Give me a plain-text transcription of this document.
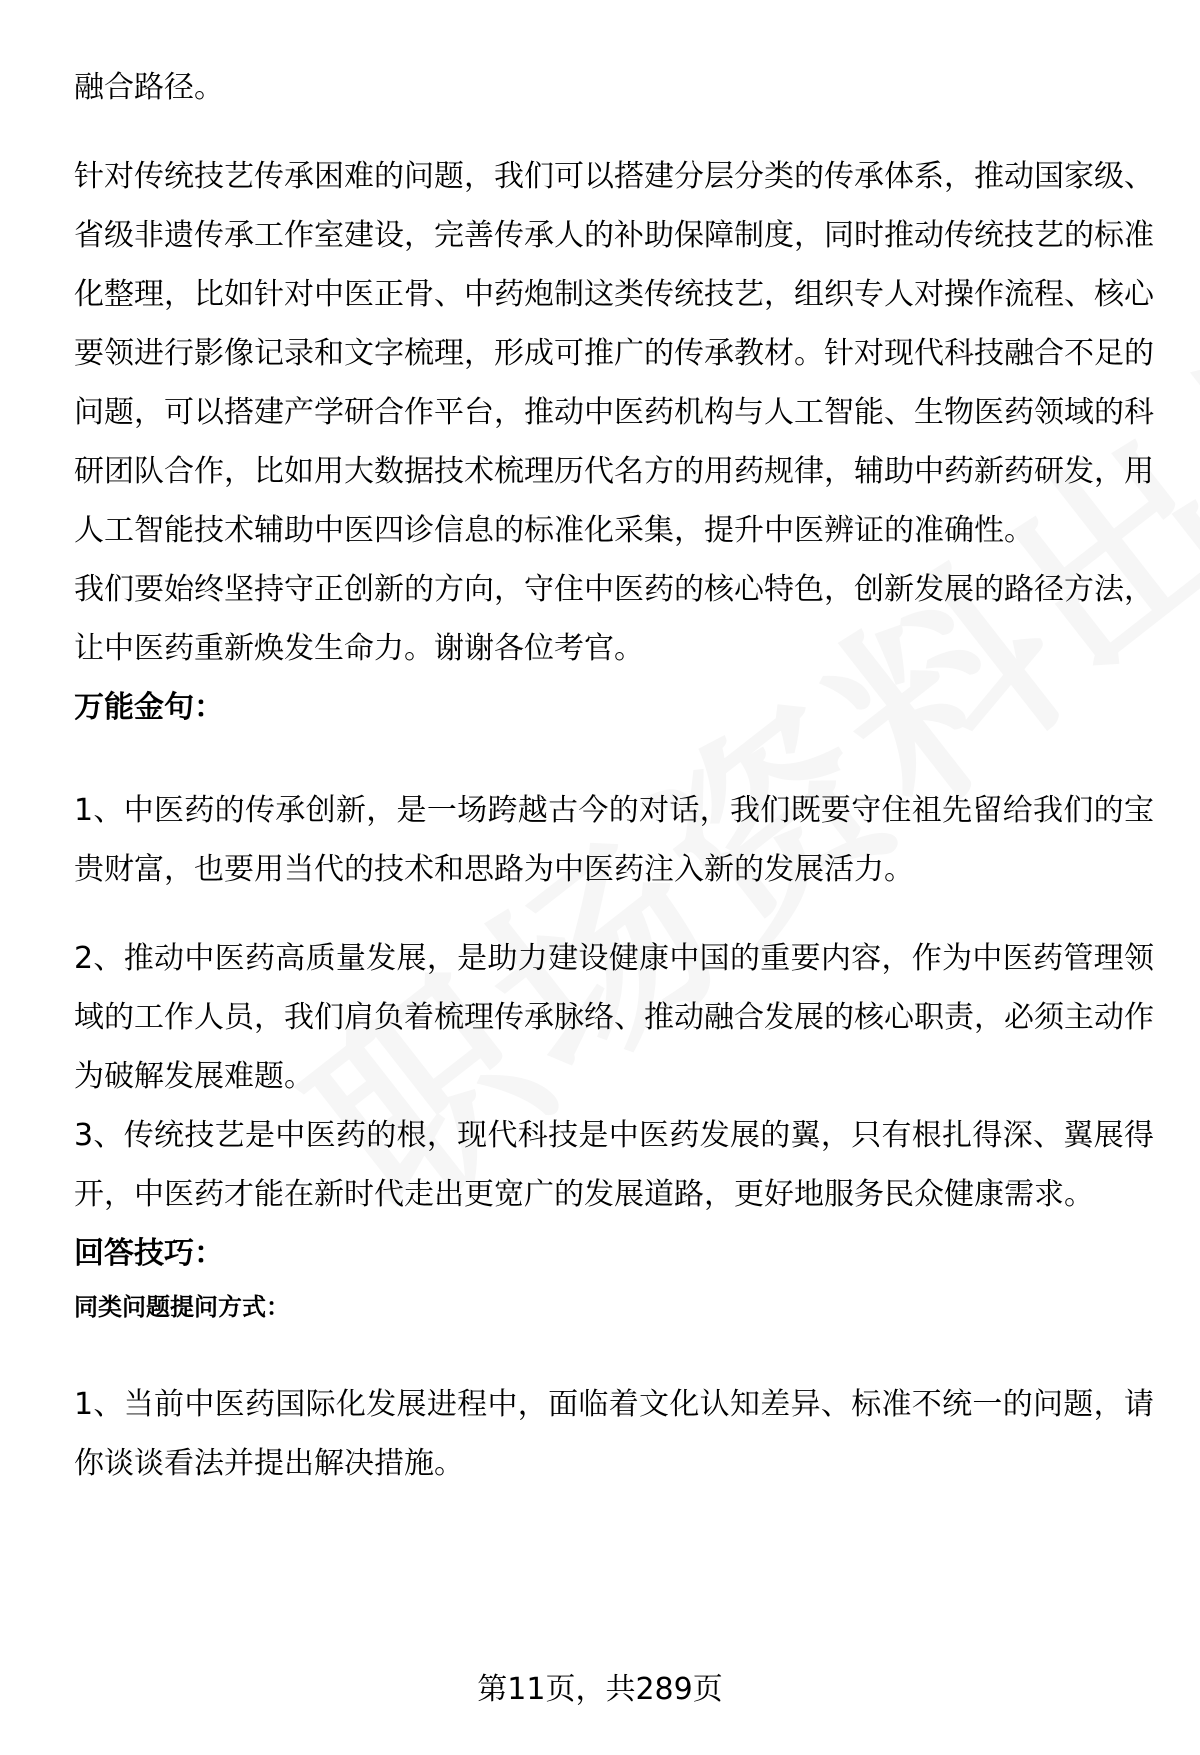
融合路径。

针对传统技艺传承困难的问题，我们可以搭建分层分类的传承体系，推动国家级、省级非遗传承工作室建设，完善传承人的补助保障制度，同时推动传统技艺的标准化整理，比如针对中医正骨、中药炮制这类传统技艺，组织专人对操作流程、核心要领进行影像记录和文字梳理，形成可推广的传承教材。针对现代科技融合不足的问题，可以搭建产学研合作平台，推动中医药机构与人工智能、生物医药领域的科研团队合作，比如用大数据技术梳理历代名方的用药规律，辅助中药新药研发，用人工智能技术辅助中医四诊信息的标准化采集，提升中医辨证的准确性。

我们要始终坚持守正创新的方向，守住中医药的核心特色，创新发展的路径方法，让中医药重新焕发生命力。谢谢各位考官。

万能金句：

1、中医药的传承创新，是一场跨越古今的对话，我们既要守住祖先留给我们的宝贵财富，也要用当代的技术和思路为中医药注入新的发展活力。

2、推动中医药高质量发展，是助力建设健康中国的重要内容，作为中医药管理领域的工作人员，我们肩负着梳理传承脉络、推动融合发展的核心职责，必须主动作为破解发展难题。

3、传统技艺是中医药的根，现代科技是中医药发展的翼，只有根扎得深、翼展得开，中医药才能在新时代走出更宽广的发展道路，更好地服务民众健康需求。

回答技巧：

同类问题提问方式：

1、当前中医药国际化发展进程中，面临着文化认知差异、标准不统一的问题，请你谈谈看法并提出解决措施。

第11页，共289页
